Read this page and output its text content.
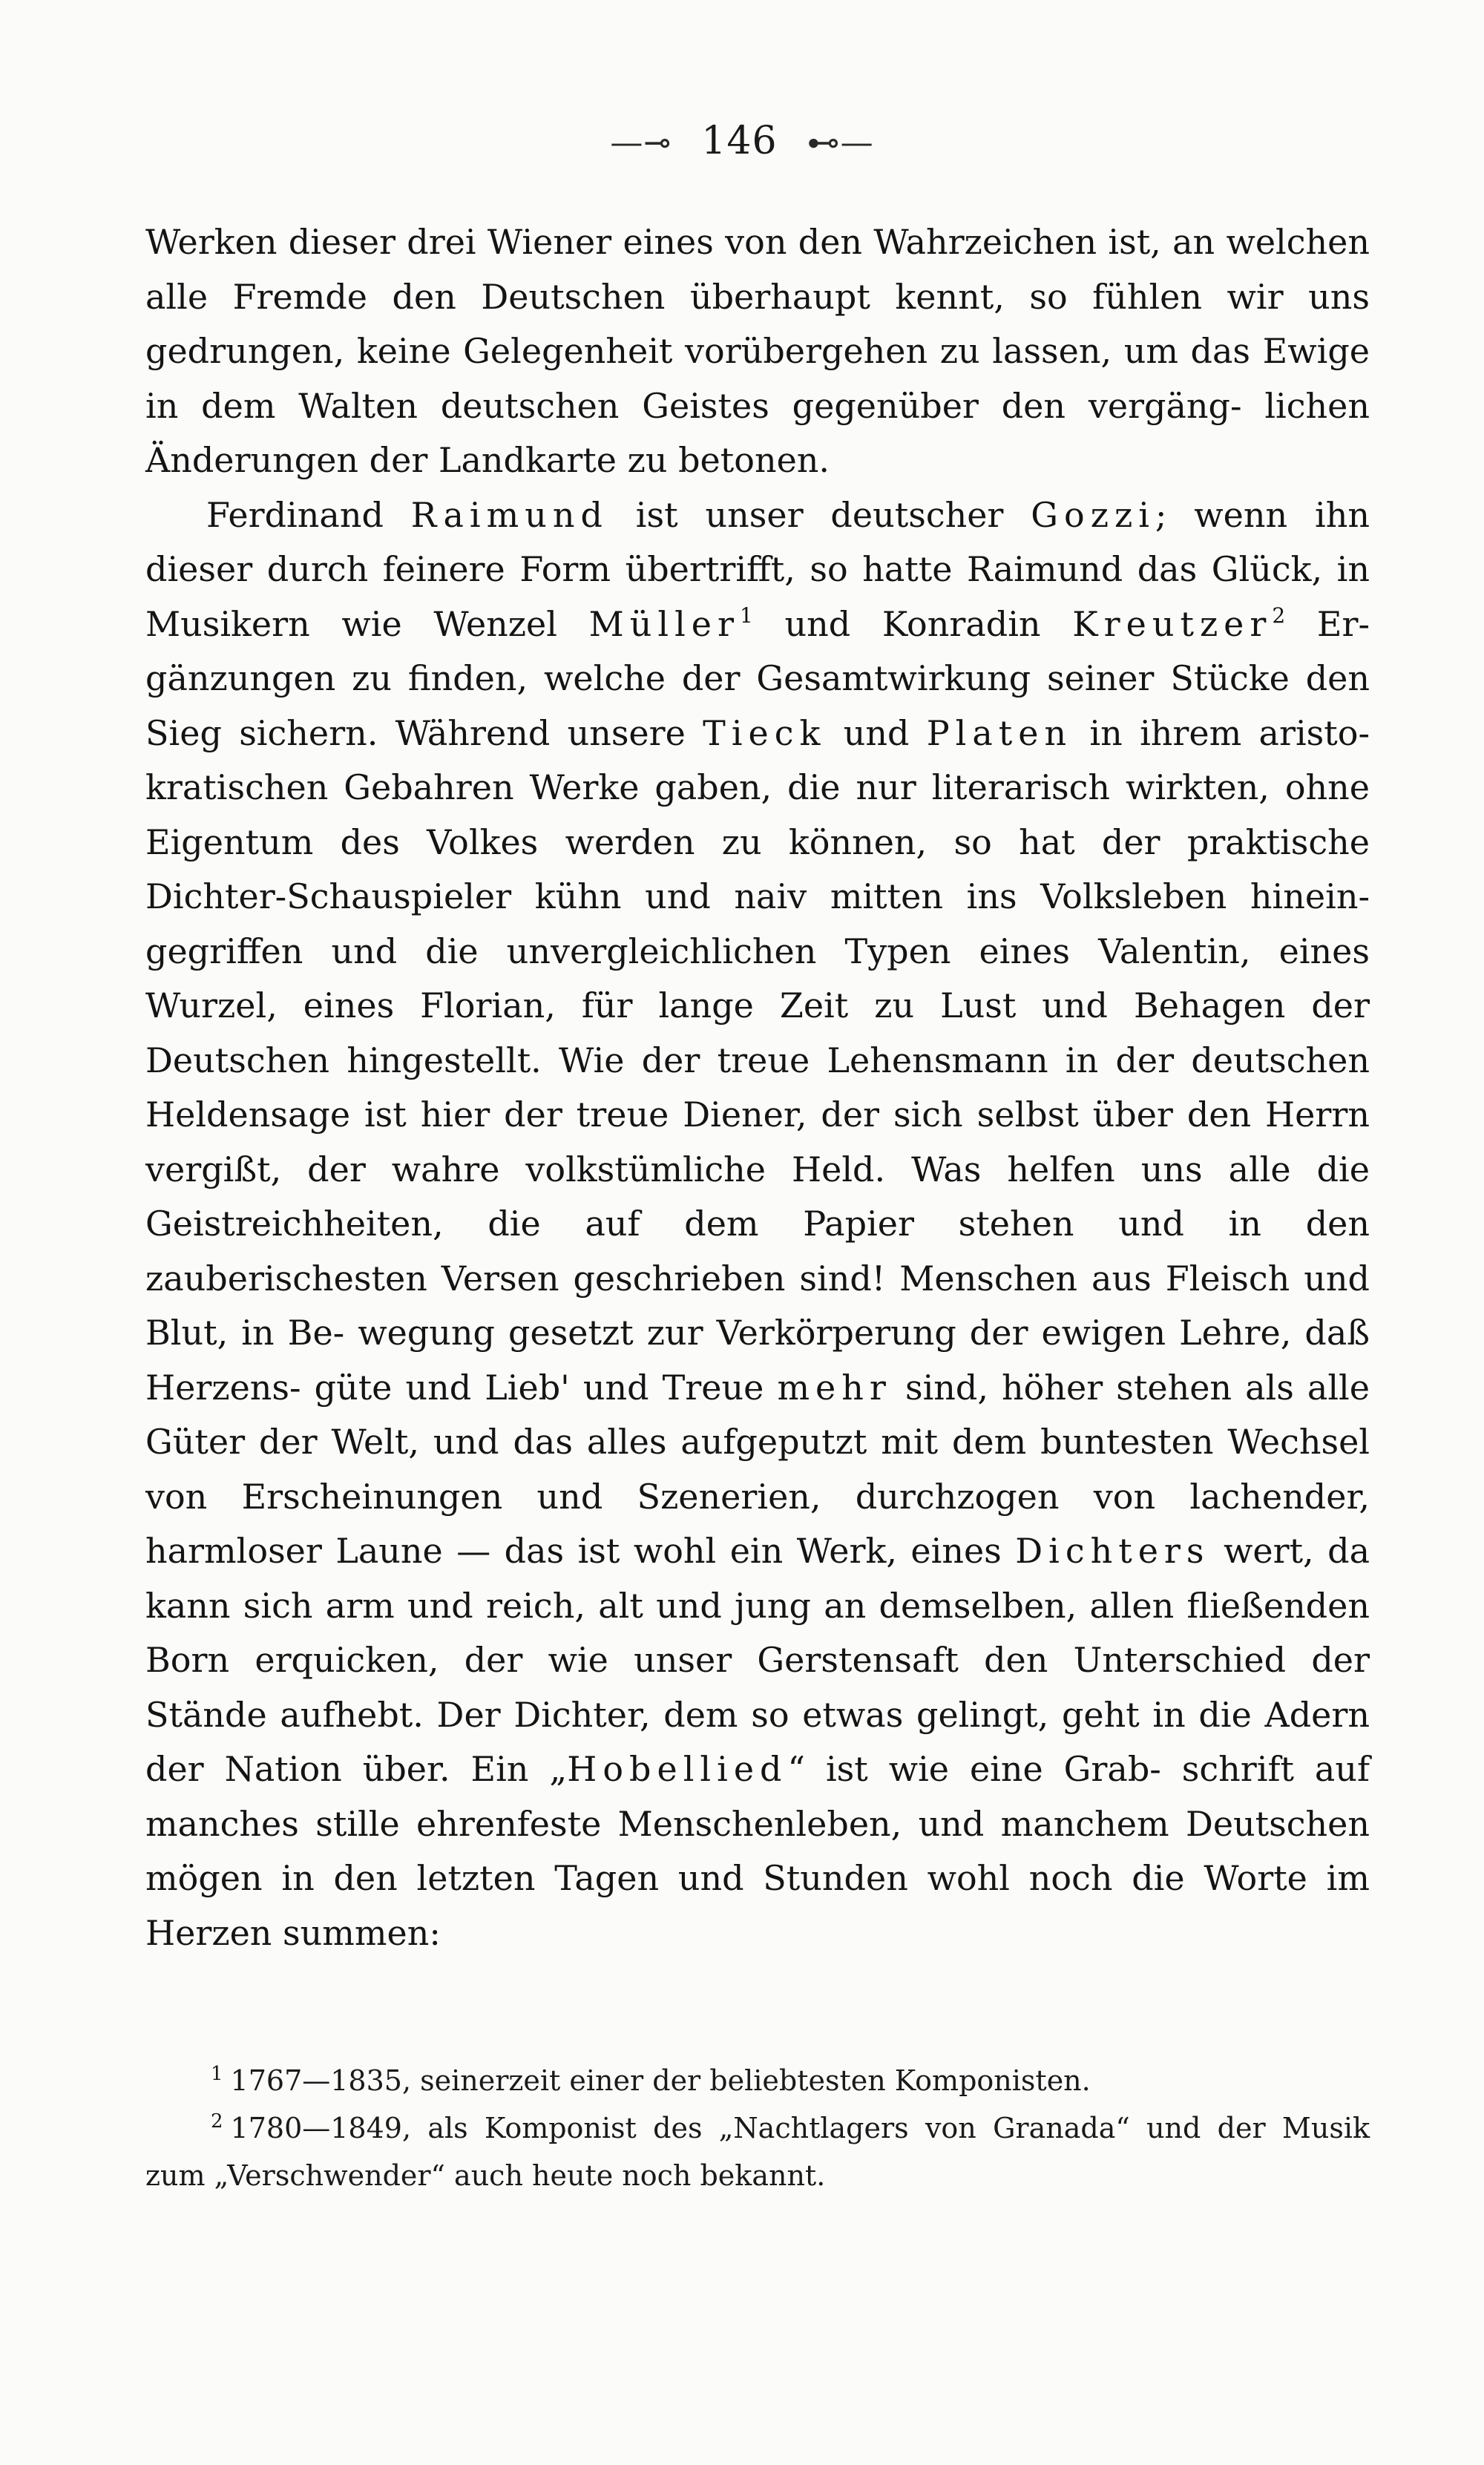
—⊸ 146 ⊷—

Werken dieser drei Wiener eines von den Wahrzeichen ist, an welchen alle Fremde den Deutschen überhaupt kennt, so fühlen wir uns gedrungen, keine Gelegenheit vorübergehen zu lassen, um das Ewige in dem Walten deutschen Geistes gegenüber den vergäng- lichen Änderungen der Landkarte zu betonen.

Ferdinand Raimund ist unser deutscher Gozzi; wenn ihn dieser durch feinere Form übertrifft, so hatte Raimund das Glück, in Musikern wie Wenzel Müller$^1$ und Konradin Kreutzer$^2$ Er- gänzungen zu finden, welche der Gesamtwirkung seiner Stücke den Sieg sichern. Während unsere Tieck und Platen in ihrem aristo- kratischen Gebahren Werke gaben, die nur literarisch wirkten, ohne Eigentum des Volkes werden zu können, so hat der praktische Dichter-Schauspieler kühn und naiv mitten ins Volksleben hinein- gegriffen und die unvergleichlichen Typen eines Valentin, eines Wurzel, eines Florian, für lange Zeit zu Lust und Behagen der Deutschen hingestellt. Wie der treue Lehensmann in der deutschen Heldensage ist hier der treue Diener, der sich selbst über den Herrn vergißt, der wahre volkstümliche Held. Was helfen uns alle die Geistreichheiten, die auf dem Papier stehen und in den zauberischesten Versen geschrieben sind! Menschen aus Fleisch und Blut, in Be- wegung gesetzt zur Verkörperung der ewigen Lehre, daß Herzens- güte und Lieb' und Treue mehr sind, höher stehen als alle Güter der Welt, und das alles aufgeputzt mit dem buntesten Wechsel von Erscheinungen und Szenerien, durchzogen von lachender, harmloser Laune — das ist wohl ein Werk, eines Dichters wert, da kann sich arm und reich, alt und jung an demselben, allen fließenden Born erquicken, der wie unser Gerstensaft den Unterschied der Stände aufhebt. Der Dichter, dem so etwas gelingt, geht in die Adern der Nation über. Ein „Hobellied“ ist wie eine Grab- schrift auf manches stille ehrenfeste Menschenleben, und manchem Deutschen mögen in den letzten Tagen und Stunden wohl noch die Worte im Herzen summen:

$^1$ 1767—1835, seinerzeit einer der beliebtesten Komponisten.

$^2$ 1780—1849, als Komponist des „Nachtlagers von Granada“ und der Musik zum „Verschwender“ auch heute noch bekannt.
